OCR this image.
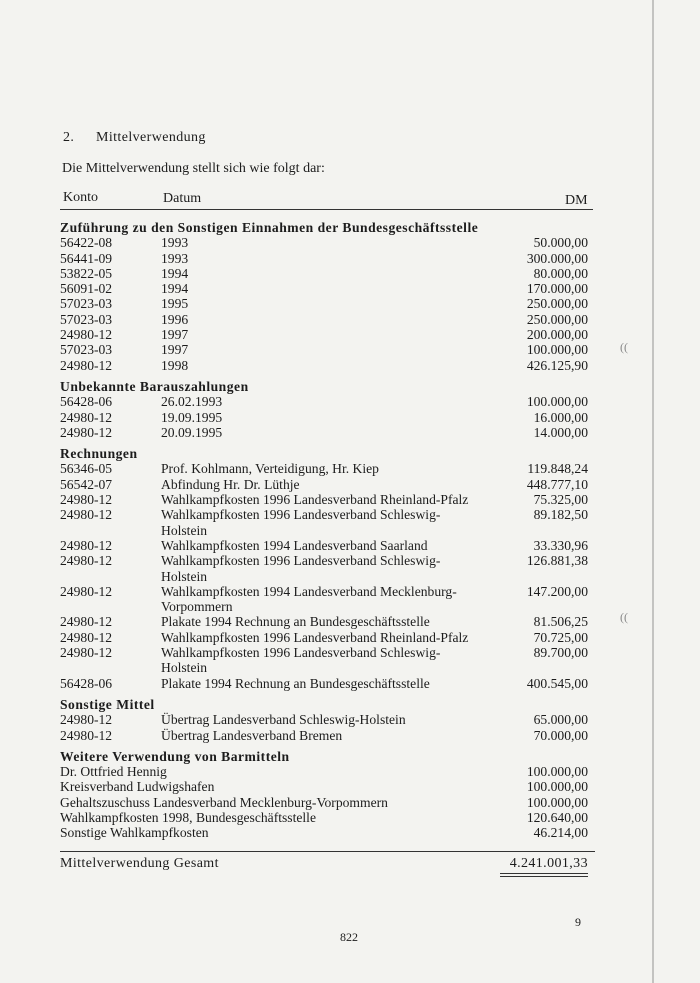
2. Mittelverwendung
Die Mittelverwendung stellt sich wie folgt dar:
Konto	Datum	DM
Zuführung zu den Sonstigen Einnahmen der Bundesgeschäftsstelle
56422-08	1993	50.000,00
56441-09	1993	300.000,00
53822-05	1994	80.000,00
56091-02	1994	170.000,00
57023-03	1995	250.000,00
57023-03	1996	250.000,00
24980-12	1997	200.000,00
57023-03	1997	100.000,00
24980-12	1998	426.125,90
Unbekannte Barauszahlungen
56428-06	26.02.1993	100.000,00
24980-12	19.09.1995	16.000,00
24980-12	20.09.1995	14.000,00
Rechnungen
56346-05	Prof. Kohlmann, Verteidigung, Hr. Kiep	119.848,24
56542-07	Abfindung Hr. Dr. Lüthje	448.777,10
24980-12	Wahlkampfkosten 1996 Landesverband Rheinland-Pfalz	75.325,00
24980-12	Wahlkampfkosten 1996 Landesverband Schleswig-	89.182,50
Holstein
24980-12	Wahlkampfkosten 1994 Landesverband Saarland	33.330,96
24980-12	Wahlkampfkosten 1996 Landesverband Schleswig-	126.881,38
Holstein
24980-12	Wahlkampfkosten 1994 Landesverband Mecklenburg-	147.200,00
Vorpommern
24980-12	Plakate 1994 Rechnung an Bundesgeschäftsstelle	81.506,25
24980-12	Wahlkampfkosten 1996 Landesverband Rheinland-Pfalz	70.725,00
24980-12	Wahlkampfkosten 1996 Landesverband Schleswig-	89.700,00
Holstein
56428-06	Plakate 1994 Rechnung an Bundesgeschäftsstelle	400.545,00
Sonstige Mittel
24980-12	Übertrag Landesverband Schleswig-Holstein	65.000,00
24980-12	Übertrag Landesverband Bremen	70.000,00
Weitere Verwendung von Barmitteln
Dr. Ottfried Hennig	100.000,00
Kreisverband Ludwigshafen	100.000,00
Gehaltszuschuss Landesverband Mecklenburg-Vorpommern	100.000,00
Wahlkampfkosten 1998, Bundesgeschäftsstelle	120.640,00
Sonstige Wahlkampfkosten	46.214,00
Mittelverwendung Gesamt	4.241.001,33
9
822
((
((
